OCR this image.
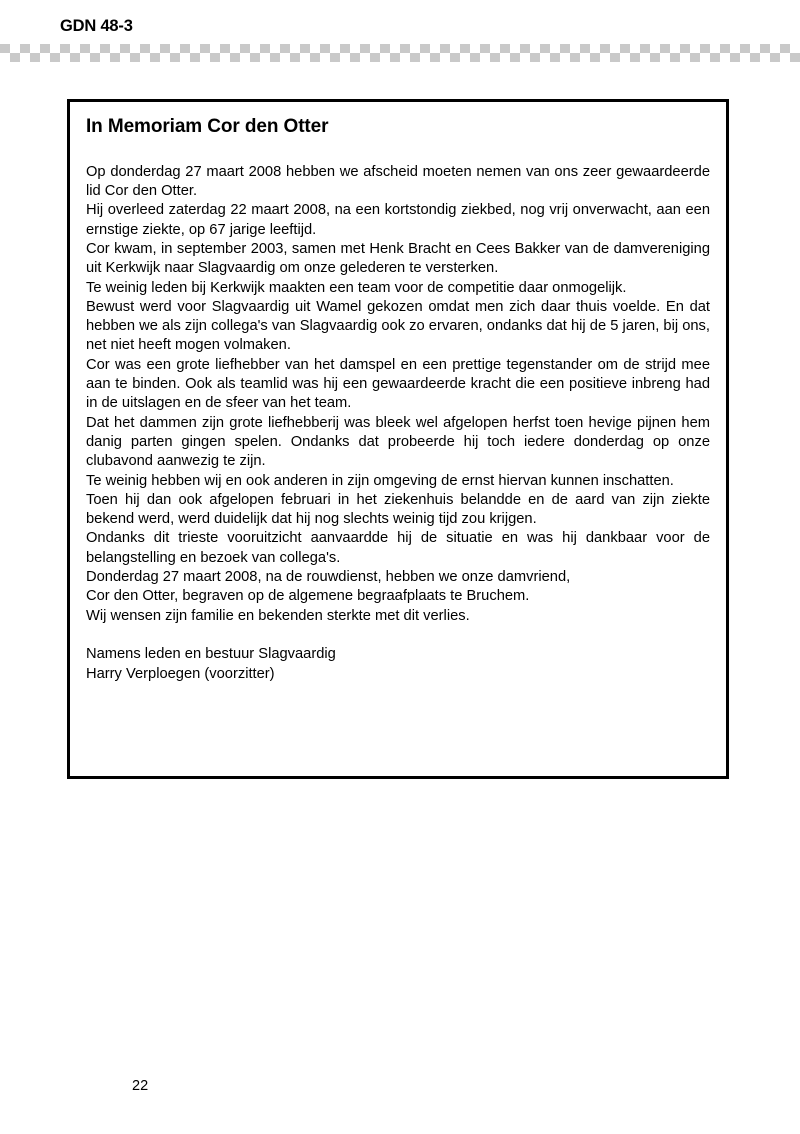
GDN 48-3
In Memoriam Cor den Otter

Op donderdag 27 maart 2008 hebben we afscheid moeten nemen van ons zeer gewaardeerde lid Cor den Otter.

Hij overleed zaterdag 22 maart 2008, na een kortstondig ziekbed, nog vrij onverwacht, aan een ernstige ziekte, op 67 jarige leeftijd.

Cor kwam, in september 2003, samen met Henk Bracht en Cees Bakker van de damvereniging uit Kerkwijk naar Slagvaardig om onze gelederen te versterken.

Te weinig leden bij Kerkwijk maakten een team voor de competitie daar onmogelijk.

Bewust werd voor Slagvaardig uit Wamel gekozen omdat men zich daar thuis voelde. En dat hebben we als zijn collega's van Slagvaardig ook zo ervaren, ondanks dat hij de 5 jaren, bij ons, net niet heeft mogen volmaken.

Cor was een grote liefhebber van het damspel en een prettige tegenstander om de strijd mee aan te binden. Ook als teamlid was hij een gewaardeerde kracht die een positieve inbreng had in de uitslagen en de sfeer van het team.

Dat het dammen zijn grote liefhebberij was bleek wel afgelopen herfst toen hevige pijnen hem danig parten gingen spelen. Ondanks dat probeerde hij toch iedere donderdag op onze clubavond aanwezig te zijn.

Te weinig hebben wij en ook anderen in zijn omgeving de ernst hiervan kunnen inschatten.

Toen hij dan ook afgelopen februari in het ziekenhuis belandde en de aard van zijn ziekte bekend werd, werd duidelijk dat hij nog slechts weinig tijd zou krijgen.

Ondanks dit trieste vooruitzicht aanvaardde hij de situatie en was hij dankbaar voor de belangstelling en bezoek van collega's.

Donderdag 27 maart 2008, na de rouwdienst, hebben we onze damvriend,

Cor den Otter, begraven op de algemene begraafplaats te Bruchem.

Wij wensen zijn familie en bekenden sterkte met dit verlies.

Namens leden en bestuur Slagvaardig

Harry Verploegen (voorzitter)

22
